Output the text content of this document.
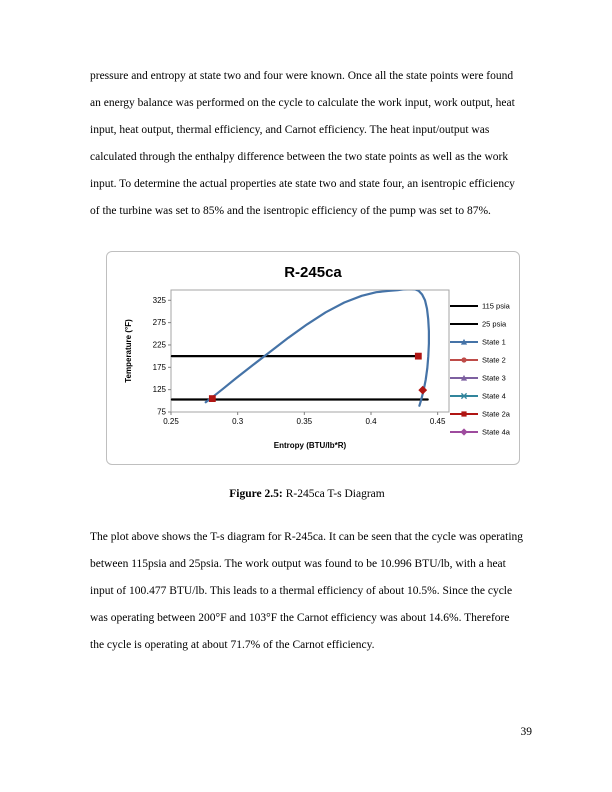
pressure and entropy at state two and four were known. Once all the state points were found an energy balance was performed on the cycle to calculate the work input, work output, heat input, heat output, thermal efficiency, and Carnot efficiency. The heat input/output was calculated through the enthalpy difference between the two state points as well as the work input. To determine the actual properties ate state two and state four, an isentropic efficiency of the turbine was set to 85% and the isentropic efficiency of the pump was set to 87%.

75
125
175
225
275
325
0.25	0.3	0.35	0.4	0.45
R-245ca
Entropy (BTU/lb*R)
Temperature (°F)
115 psia
25 psia
State 1
State 2
State 3
State 4
State 2a
State 4a

Figure 2.5: R-245ca T-s Diagram

The plot above shows the T-s diagram for R-245ca. It can be seen that the cycle was operating between 115psia and 25psia. The work output was found to be 10.996 BTU/lb, with a heat input of 100.477 BTU/lb. This leads to a thermal efficiency of about 10.5%. Since the cycle was operating between 200°F and 103°F the Carnot efficiency was about 14.6%. Therefore the cycle is operating at about 71.7% of the Carnot efficiency.

39
